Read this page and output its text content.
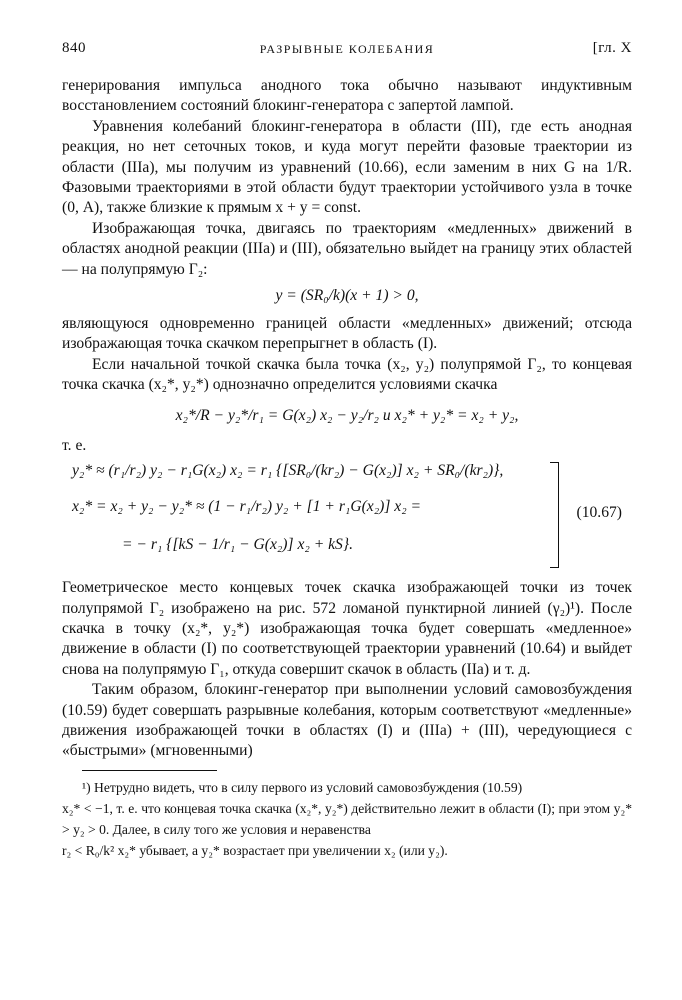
840	РАЗРЫВНЫЕ КОЛЕБАНИЯ	[гл. X

генерирования импульса анодного тока обычно называют индуктивным восстановлением состояний блокинг-генератора с запертой лампой.

Уравнения колебаний блокинг-генератора в области (III), где есть анодная реакция, но нет сеточных токов, и куда могут перейти фазовые траектории из области (IIIa), мы получим из уравнений (10.66), если заменим в них G на 1/R. Фазовыми траекториями в этой области будут траектории устойчивого узла в точке (0, A), также близкие к прямым x + y = const.

Изображающая точка, двигаясь по траекториям «медленных» движений в областях анодной реакции (IIIa) и (III), обязательно выйдет на границу этих областей — на полупрямую Γ₂:

y = (SR₀/k)(x + 1) > 0,

являющуюся одновременно границей области «медленных» движений; отсюда изображающая точка скачком перепрыгнет в область (I).

Если начальной точкой скачка была точка (x₂, y₂) полупрямой Γ₂, то концевая точка скачка (x₂*, y₂*) однозначно определится условиями скачка

x₂*/R − y₂*/r₁ = G(x₂) x₂ − y₂/r₂ и x₂* + y₂* = x₂ + y₂,

т. е.

y₂* ≈ (r₁/r₂) y₂ − r₁G(x₂) x₂ = r₁ {[SR₀/(kr₂) − G(x₂)] x₂ + SR₀/(kr₂)},
x₂* = x₂ + y₂ − y₂* ≈ (1 − r₁/r₂) y₂ + [1 + r₁G(x₂)] x₂ =
= − r₁ {[kS − 1/r₁ − G(x₂)] x₂ + kS}.
(10.67)

Геометрическое место концевых точек скачка изображающей точки из точек полупрямой Γ₂ изображено на рис. 572 ломаной пунктирной линией (γ₂)¹). После скачка в точку (x₂*, y₂*) изображающая точка будет совершать «медленное» движение в области (I) по соответствующей траектории уравнений (10.64) и выйдет снова на полупрямую Γ₁, откуда совершит скачок в область (IIa) и т. д.

Таким образом, блокинг-генератор при выполнении условий самовозбуждения (10.59) будет совершать разрывные колебания, которым соответствуют «медленные» движения изображающей точки в областях (I) и (IIIa) + (III), чередующиеся с «быстрыми» (мгновенными)

¹) Нетрудно видеть, что в силу первого из условий самовозбуждения (10.59)
x₂* < −1, т. е. что концевая точка скачка (x₂*, y₂*) действительно лежит в области (I); при этом y₂* > y₂ > 0. Далее, в силу того же условия и неравенства
r₂ < R₀/k² x₂* убывает, а y₂* возрастает при увеличении x₂ (или y₂).
